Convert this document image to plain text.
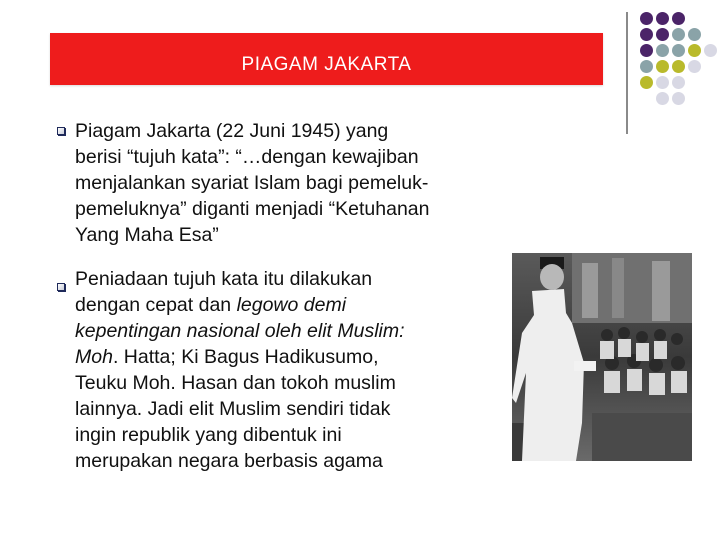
PIAGAM JAKARTA
Piagam Jakarta (22 Juni 1945) yang
berisi “tujuh kata”: “…dengan kewajiban
menjalankan syariat Islam bagi pemeluk-
pemeluknya” diganti menjadi “Ketuhanan
Yang Maha Esa”
Peniadaan tujuh kata itu dilakukan
dengan cepat dan legowo demi
kepentingan nasional oleh elit Muslim:
Moh. Hatta; Ki Bagus Hadikusumo,
Teuku Moh. Hasan dan tokoh muslim
lainnya. Jadi elit Muslim sendiri tidak
ingin republik yang dibentuk ini
merupakan negara berbasis agama
